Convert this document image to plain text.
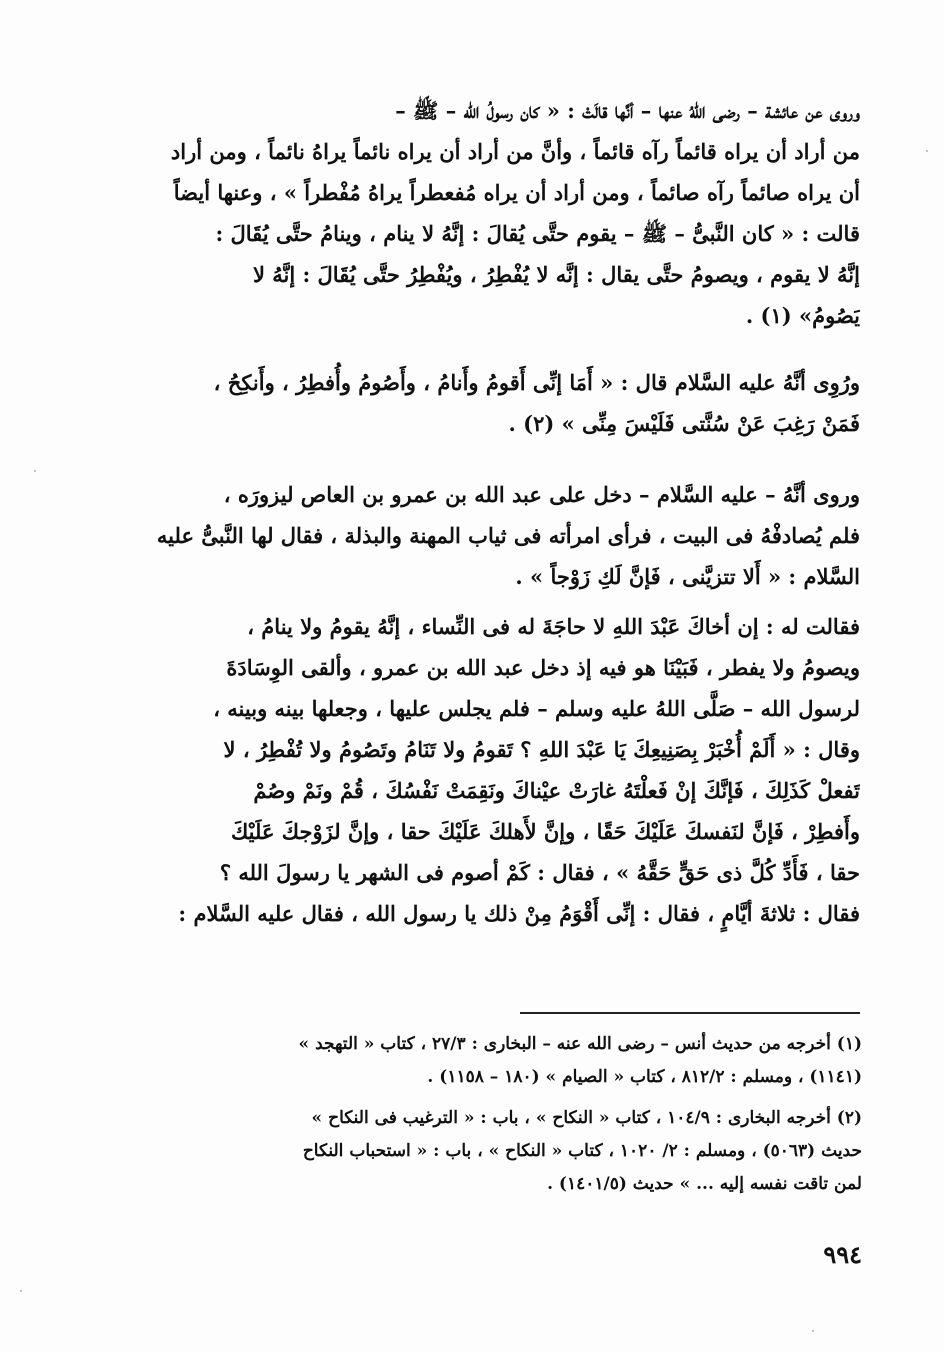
وروى عن عائشة – رضى اللهُ عنها – أنَّها قالَتْ : « كان رسولُ الله – ﷺ –
من أراد أن يراه قائماً رآه قائماً ، وأنَّ من أراد أن يراه نائماً يراهُ نائماً ، ومن أراد
أن يراه صائماً رآه صائماً ، ومن أراد أن يراه مُفعطراً يراهُ مُفْطراً » ، وعنها أيضاً
قالت : « كان النَّبىُّ – ﷺ – يقوم حتَّى يُقالَ : إنَّهُ لا ينام ، وينامُ حتَّى يُقَالَ :
إنَّهُ لا يقوم ، ويصومُ حتَّى يقال : إنَّه لا يُفْطِرُ ، ويُفْطِرُ حتَّى يُقَالَ : إنَّهُ لا
يَصُومُ» (١) .
ورُوِى أنَّهُ عليه السَّلام قال : « أَمَا إنِّى أَقومُ وأَنامُ ، وأَصُومُ وأُفطِرُ ، وأَنكِحُ ،
فَمَنْ رَغِبَ عَنْ سُنَّتى فَلَيْسَ مِنِّى » (٢) .
وروى أنَّهُ – عليه السَّلام – دخل على عبد الله بن عمرو بن العاص ليزورَه ،
فلم يُصادفْهُ فى البيت ، فرأى امرأته فى ثياب المهنة والبذلة ، فقال لها النَّبىُّ عليه
السَّلام : « أَلا تتزيَّنى ، فَإنَّ لَكِ زَوْجاً » .
فقالت له : إن أخاكَ عَبْدَ اللهِ لا حاجَةَ له فى النِّساء ، إنَّهُ يقومُ ولا ينامُ ،
ويصومُ ولا يفطر ، فَبَيْنَا هو فيه إذ دخل عبد الله بن عمرو ، وألقى الوِسَادَةَ
لرسول الله – صَلَّى اللهُ عليه وسلم – فلم يجلس عليها ، وجعلها بينه وبينه ،
وقال : « أَلَمْ أُخْبَرْ بِصَنِيعِكَ يَا عَبْدَ اللهِ ؟ تَقومُ ولا تَنَامُ وتَصُومُ ولا تُفْطِرُ ، لا
تَفعلْ كَذَلِكَ ، فَإنَّكَ إنْ فَعلْتَهُ غارَتْ عيْناكَ ونَقِمَتْ نَفْسُكَ ، قُمْ ونَمْ وصُمْ
وأَفطِرْ ، فَإنَّ لنَفسكَ عَلَيْكَ حَقًا ، وإنَّ لأَهلكَ عَلَيْكَ حقا ، وإنَّ لزَوْجكَ عَلَيْكَ
حقا ، فَأَدِّ كُلَّ ذى حَقٍّ حَقَّهُ » ، فقال : كَمْ أصوم فى الشهر يا رسولَ الله ؟
فقال : ثلاثةَ أيَّامٍ ، فقال : إنِّى أَقْوَمُ مِنْ ذلك يا رسول الله ، فقال عليه السَّلام :
(١) أخرجه من حديث أنس – رضى الله عنه – البخارى : ٢٧/٣ ، كتاب « التهجد »
(١١٤١) ، ومسلم : ٨١٢/٢ ، كتاب « الصيام » (١٨٠ – ١١٥٨) .
(٢) أخرجه البخارى : ١٠٤/٩ ، كتاب « النكاح » ، باب : « الترغيب فى النكاح »
حديث (٥٠٦٣) ، ومسلم : ٢/ ١٠٢٠ ، كتاب « النكاح » ، باب : « استحباب النكاح
لمن تاقت نفسه إليه ... » حديث (١٤٠١/٥) .
٩٩٤
